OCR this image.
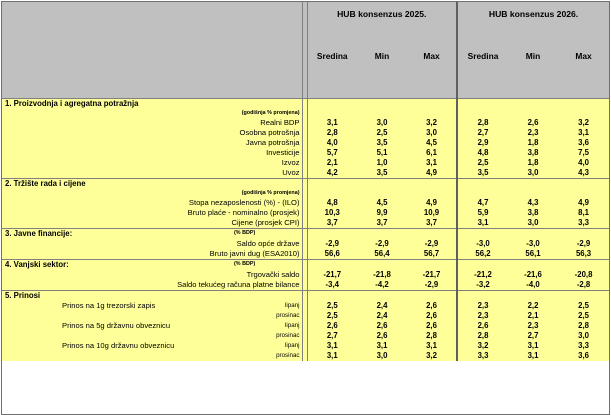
		HUB konsenzus 2025.			HUB konsenzus 2026.		
		Sredina	Min	Max	Sredina	Min	Max
1. Proizvodnja i agregatna potražnja							
(godišnja % promjena)							
Realni BDP		3,1	3,0	3,2	2,8	2,6	3,2
Osobna potrošnja		2,8	2,5	3,0	2,7	2,3	3,1
Javna potrošnja		4,0	3,5	4,5	2,9	1,8	3,6
Investicije		5,7	5,1	6,1	4,8	3,8	7,5
Izvoz		2,1	1,0	3,1	2,5	1,8	4,0
Uvoz		4,2	3,5	4,9	3,5	3,0	4,3
2. Tržište rada i cijene							
(godišnja % promjena)							
Stopa nezaposlenosti (%) - (ILO)		4,8	4,5	4,9	4,7	4,3	4,9
Bruto plaće - nominalno (prosjek)		10,3	9,9	10,9	5,9	3,8	8,1
Cijene (prosjek CPI)		3,7	3,7	3,7	3,1	3,0	3,3
3. Javne financije: (% BDP)							

Saldo opće države		-2,9	-2,9	-2,9	-3,0	-3,0	-2,9
Bruto javni dug (ESA2010)		56,6	56,4	56,7	56,2	56,1	56,3
4. Vanjski sektor: (% BDP)							

Trgovački saldo		-21,7	-21,8	-21,7	-21,2	-21,6	-20,8
Saldo tekućeg računa platne bilance		-3,4	-4,2	-2,9	-3,2	-4,0	-2,8
5. Prinosi							

Prinos na 1g trezorski zapis lipanj		2,5	2,4	2,6	2,3	2,2	2,5
prosinac		2,5	2,4	2,6	2,3	2,1	2,5

Prinos na 5g državnu obveznicu lipanj		2,6	2,6	2,6	2,6	2,3	2,8
prosinac		2,7	2,6	2,8	2,8	2,7	3,0

Prinos na 10g državnu obveznicu lipanj		3,1	3,1	3,1	3,2	3,1	3,3
prosinac		3,1	3,0	3,2	3,3	3,1	3,6
